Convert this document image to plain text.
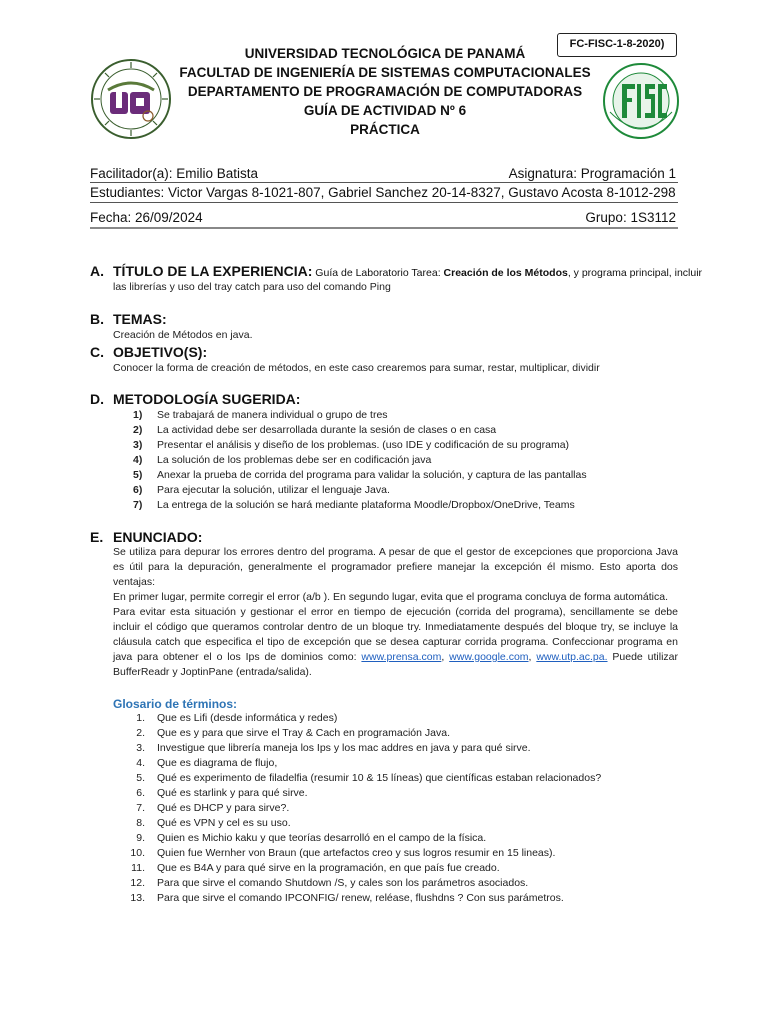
FC-FISC-1-8-2020)
UNIVERSIDAD TECNOLÓGICA DE PANAMÁ
FACULTAD DE INGENIERÍA DE SISTEMAS COMPUTACIONALES
DEPARTAMENTO DE PROGRAMACIÓN DE COMPUTADORAS
GUÍA DE ACTIVIDAD Nº 6
PRÁCTICA
Facilitador(a): Emilio Batista	Asignatura: Programación 1
Estudiantes: Victor Vargas 8-1021-807, Gabriel Sanchez 20-14-8327, Gustavo Acosta 8-1012-298
Fecha: 26/09/2024	Grupo: 1S3112
A. TÍTULO DE LA EXPERIENCIA: Guía de Laboratorio Tarea: Creación de los Métodos, y programa principal, incluir
las librerías y uso del tray catch para uso del comando Ping
B. TEMAS:
Creación de Métodos en java.
C. OBJETIVO(S):
Conocer la forma de creación de métodos, en este caso crearemos para sumar, restar, multiplicar, dividir
D. METODOLOGÍA SUGERIDA:
1) Se trabajará de manera individual o grupo de tres
2) La actividad debe ser desarrollada durante la sesión de clases o en casa
3) Presentar el análisis y diseño de los problemas. (uso IDE y codificación de su programa)
4) La solución de los problemas debe ser en codificación java
5) Anexar la prueba de corrida del programa para validar la solución, y captura de las pantallas
6) Para ejecutar la solución, utilizar el lenguaje Java.
7) La entrega de la solución se hará mediante plataforma Moodle/Dropbox/OneDrive, Teams
E. ENUNCIADO:
Se utiliza para depurar los errores dentro del programa. A pesar de que el gestor de excepciones que proporciona Java es útil para la depuración, generalmente el programador prefiere manejar la excepción él mismo. Esto aporta dos ventajas:
En primer lugar, permite corregir el error (a/b ). En segundo lugar, evita que el programa concluya de forma automática.
Para evitar esta situación y gestionar el error en tiempo de ejecución (corrida del programa), sencillamente se debe incluir el código que queramos controlar dentro de un bloque try. Inmediatamente después del bloque try, se incluye la cláusula catch que especifica el tipo de excepción que se desea capturar corrida programa. Confeccionar programa en java para obtener el o los Ips de dominios como: www.prensa.com, www.google.com, www.utp.ac.pa. Puede utilizar BufferReadr y JoptinPane (entrada/salida).
Glosario de términos:
1. Que es Lifi (desde informática y redes)
2. Que es y para que sirve el Tray & Cach en programación Java.
3. Investigue que librería maneja los Ips y los mac addres en java y para qué sirve.
4. Que es diagrama de flujo,
5. Qué es experimento de filadelfia (resumir 10 & 15 líneas) que científicas estaban relacionados?
6. Qué es starlink y para qué sirve.
7. Qué es DHCP y para sirve?.
8. Qué es VPN y cel es su uso.
9. Quien es Michio kaku y que teorías desarrolló en el campo de la física.
10. Quien fue Wernher von Braun (que artefactos creo y sus logros resumir en 15 lineas).
11. Que es B4A y para qué sirve en la programación, en que país fue creado.
12. Para que sirve el comando Shutdown /S, y cales son los parámetros asociados.
13. Para que sirve el comando IPCONFIG/ renew, reléase, flushdns ? Con sus parámetros.
